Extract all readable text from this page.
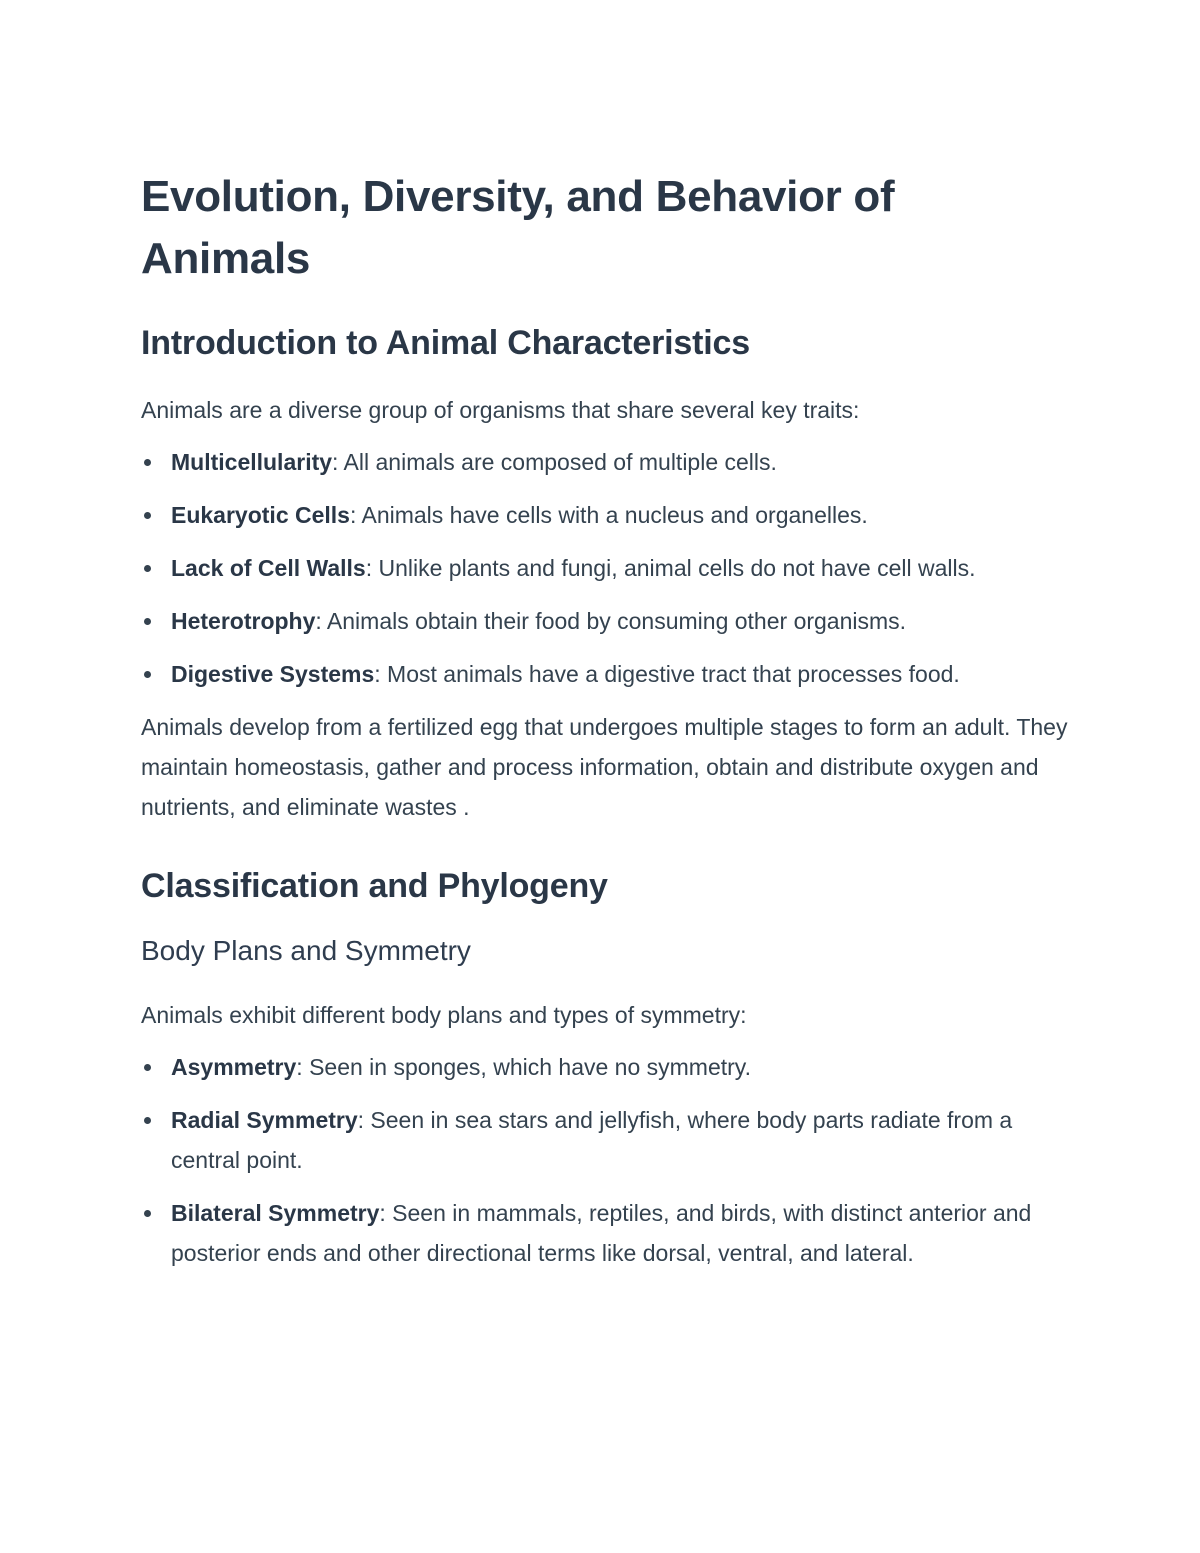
Evolution, Diversity, and Behavior of Animals
Introduction to Animal Characteristics

Animals are a diverse group of organisms that share several key traits:

Multicellularity: All animals are composed of multiple cells.
Eukaryotic Cells: Animals have cells with a nucleus and organelles.
Lack of Cell Walls: Unlike plants and fungi, animal cells do not have cell walls.
Heterotrophy: Animals obtain their food by consuming other organisms.
Digestive Systems: Most animals have a digestive tract that processes food.

Animals develop from a fertilized egg that undergoes multiple stages to form an adult. They maintain homeostasis, gather and process information, obtain and distribute oxygen and nutrients, and eliminate wastes .

Classification and Phylogeny
Body Plans and Symmetry

Animals exhibit different body plans and types of symmetry:

Asymmetry: Seen in sponges, which have no symmetry.
Radial Symmetry: Seen in sea stars and jellyfish, where body parts radiate from a central point.
Bilateral Symmetry: Seen in mammals, reptiles, and birds, with distinct anterior and posterior ends and other directional terms like dorsal, ventral, and lateral.
